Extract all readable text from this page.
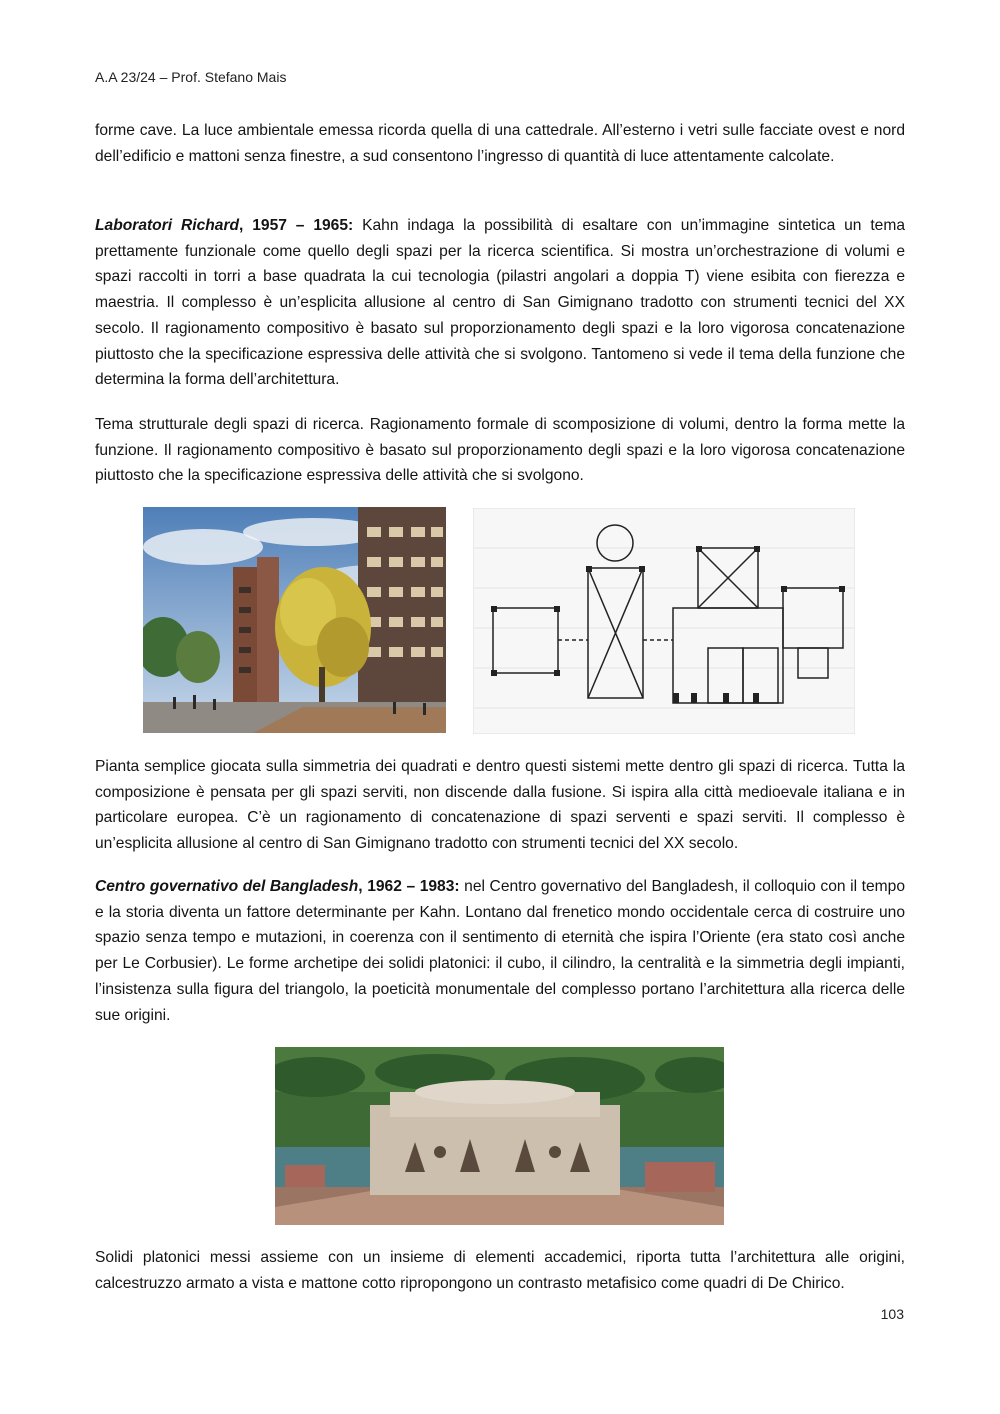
A.A 23/24 – Prof. Stefano Mais

forme cave. La luce ambientale emessa ricorda quella di una cattedrale. All’esterno i vetri sulle facciate ovest e nord dell’edificio e mattoni senza finestre, a sud consentono l’ingresso di quantità di luce attentamente calcolate.

Laboratori Richard, 1957 – 1965: Kahn indaga la possibilità di esaltare con un’immagine sintetica un tema prettamente funzionale come quello degli spazi per la ricerca scientifica. Si mostra un’orchestrazione di volumi e spazi raccolti in torri a base quadrata la cui tecnologia (pilastri angolari a doppia T) viene esibita con fierezza e maestria. Il complesso è un’esplicita allusione al centro di San Gimignano tradotto con strumenti tecnici del XX secolo. Il ragionamento compositivo è basato sul proporzionamento degli spazi e la loro vigorosa concatenazione piuttosto che la specificazione espressiva delle attività che si svolgono. Tantomeno si vede il tema della funzione che determina la forma dell’architettura.

Tema strutturale degli spazi di ricerca. Ragionamento formale di scomposizione di volumi, dentro la forma mette la funzione. Il ragionamento compositivo è basato sul proporzionamento degli spazi e la loro vigorosa concatenazione piuttosto che la specificazione espressiva delle attività che si svolgono.

Pianta semplice giocata sulla simmetria dei quadrati e dentro questi sistemi mette dentro gli spazi di ricerca. Tutta la composizione è pensata per gli spazi serviti, non discende dalla fusione. Si ispira alla città medioevale italiana e in particolare europea. C’è un ragionamento di concatenazione di spazi serventi e spazi serviti. Il complesso è un’esplicita allusione al centro di San Gimignano tradotto con strumenti tecnici del XX secolo.

Centro governativo del Bangladesh, 1962 – 1983: nel Centro governativo del Bangladesh, il colloquio con il tempo e la storia diventa un fattore determinante per Kahn. Lontano dal frenetico mondo occidentale cerca di costruire uno spazio senza tempo e mutazioni, in coerenza con il sentimento di eternità che ispira l’Oriente (era stato così anche per Le Corbusier). Le forme archetipe dei solidi platonici: il cubo, il cilindro, la centralità e la simmetria degli impianti, l’insistenza sulla figura del triangolo, la poeticità monumentale del complesso portano l’architettura alla ricerca delle sue origini.

Solidi platonici messi assieme con un insieme di elementi accademici, riporta tutta l’architettura alle origini, calcestruzzo armato a vista e mattone cotto ripropongono un contrasto metafisico come quadri di De Chirico.

103
